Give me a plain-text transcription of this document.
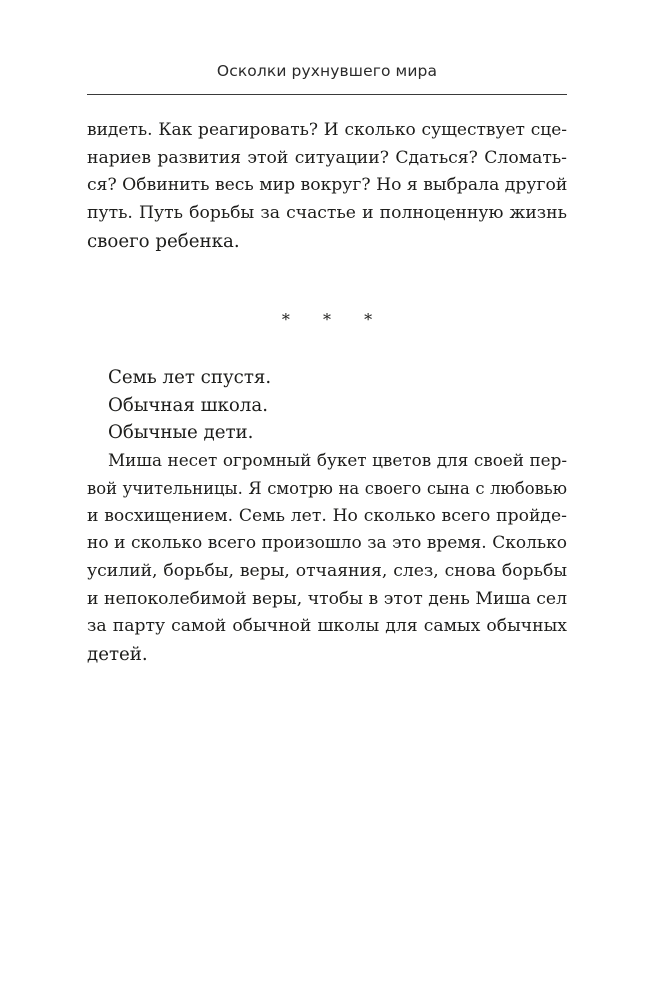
Осколки рухнувшего мира
видеть. Как реагировать? И сколько существует сце-
нариев развития этой ситуации? Сдаться? Сломать-
ся? Обвинить весь мир вокруг? Но я выбрала другой
путь. Путь борьбы за счастье и полноценную жизнь
своего ребенка.
* * *
Семь лет спустя.
Обычная школа.
Обычные дети.
Миша несет огромный букет цветов для своей пер-
вой учительницы. Я смотрю на своего сына с любовью
и восхищением. Семь лет. Но сколько всего пройде-
но и сколько всего произошло за это время. Сколько
усилий, борьбы, веры, отчаяния, слез, снова борьбы
и непоколебимой веры, чтобы в этот день Миша сел
за парту самой обычной школы для самых обычных
детей.
